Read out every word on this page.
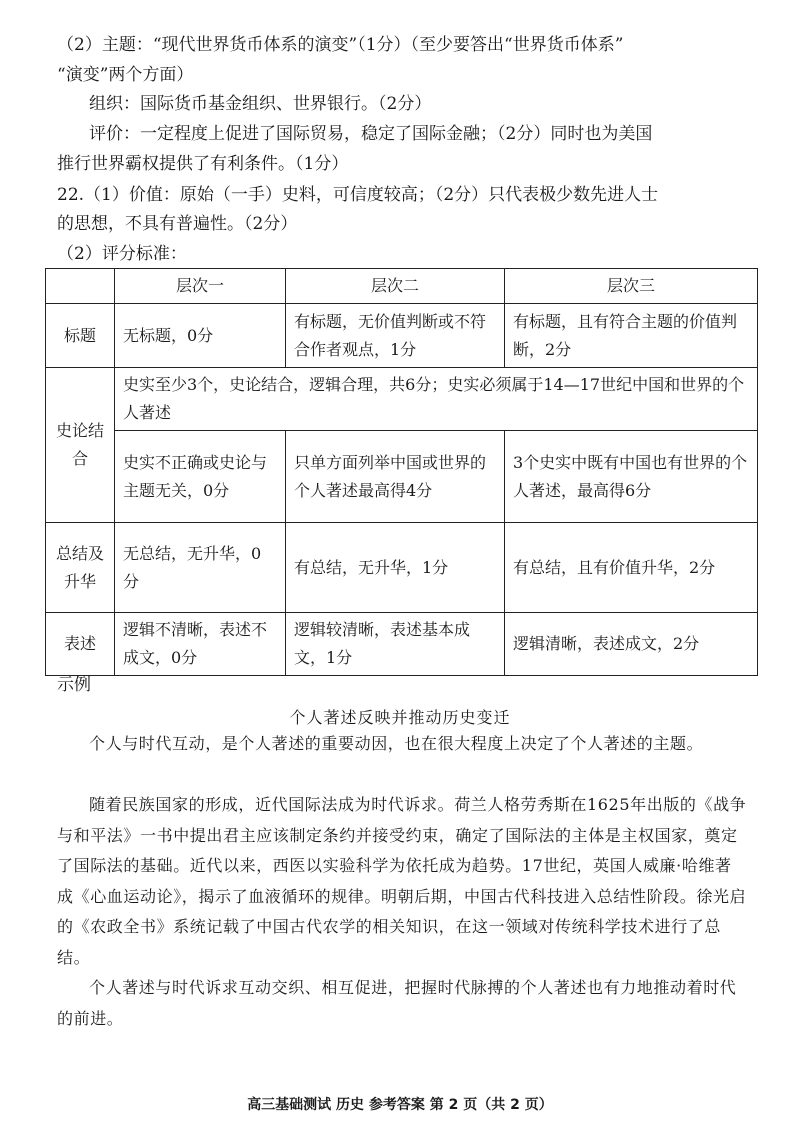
（2）主题：“现代世界货币体系的演变”（1分）（至少要答出“世界货币体系”
“演变”两个方面）
组织：国际货币基金组织、世界银行。（2分）
评价：一定程度上促进了国际贸易，稳定了国际金融；（2分）同时也为美国
推行世界霸权提供了有利条件。（1分）
22.（1）价值：原始（一手）史料，可信度较高；（2分）只代表极少数先进人士
的思想，不具有普遍性。（2分）
（2）评分标准：
	层次一	层次二	层次三
标题	无标题，0分	有标题，无价值判断或不符合作者观点，1分	有标题，且有符合主题的价值判断，2分
史论结合	史实至少3个，史论结合，逻辑合理，共6分；史实必须属于14—17世纪中国和世界的个人著述		
	史实不正确或史论与主题无关，0分	只单方面列举中国或世界的个人著述最高得4分	3个史实中既有中国也有世界的个人著述，最高得6分
总结及升华	无总结，无升华，0分	有总结，无升华，1分	有总结，且有价值升华，2分
表述	逻辑不清晰，表述不成文，0分	逻辑较清晰，表述基本成文，1分	逻辑清晰，表述成文，2分
示例
个人著述反映并推动历史变迁
个人与时代互动，是个人著述的重要动因，也在很大程度上决定了个人著述的主题。
随着民族国家的形成，近代国际法成为时代诉求。荷兰人格劳秀斯在1625年出版的《战争与和平法》一书中提出君主应该制定条约并接受约束，确定了国际法的主体是主权国家，奠定了国际法的基础。近代以来，西医以实验科学为依托成为趋势。17世纪，英国人威廉·哈维著成《心血运动论》，揭示了血液循环的规律。明朝后期，中国古代科技进入总结性阶段。徐光启的《农政全书》系统记载了中国古代农学的相关知识，在这一领域对传统科学技术进行了总结。
个人著述与时代诉求互动交织、相互促进，把握时代脉搏的个人著述也有力地推动着时代的前进。
高三基础测试 历史 参考答案 第 2 页（共 2 页）
